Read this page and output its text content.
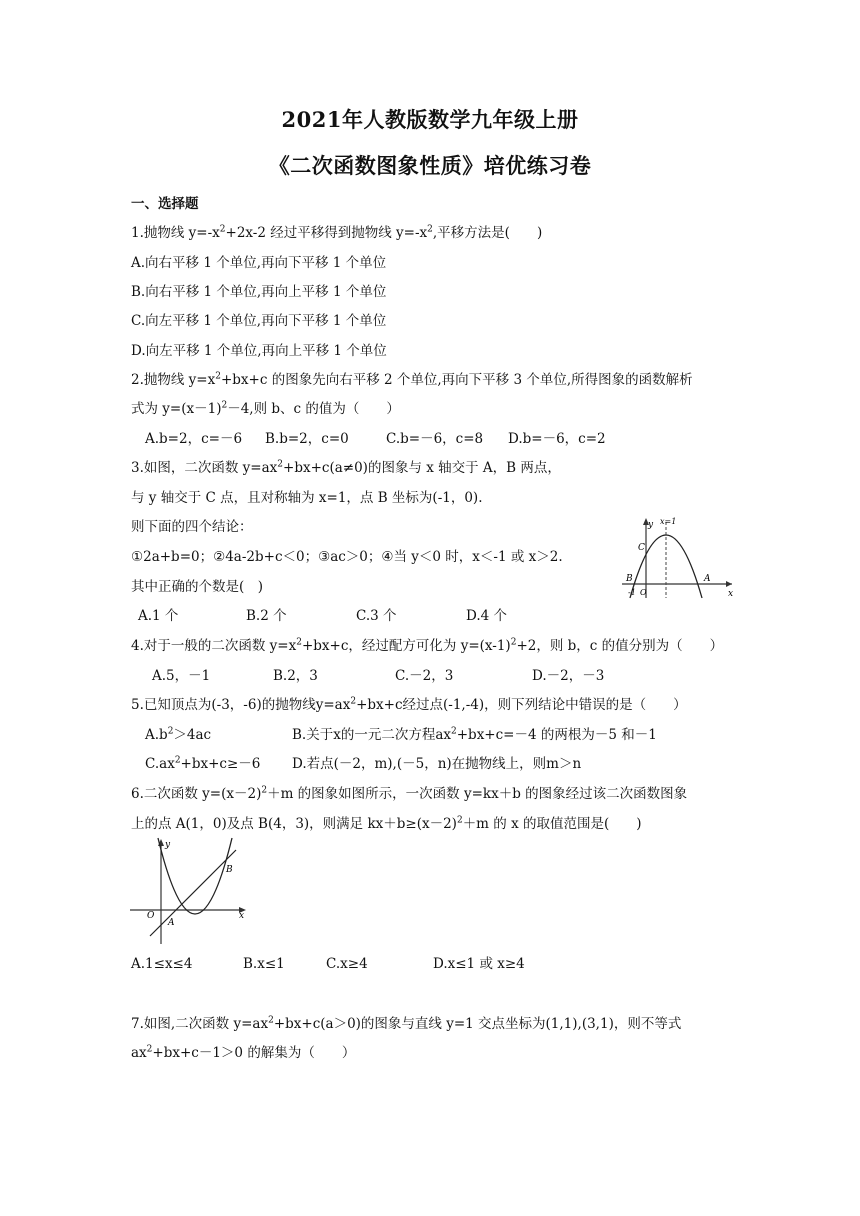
2021年人教版数学九年级上册
《二次函数图象性质》培优练习卷
一、选择题
1.抛物线 $y=-x^2+2x-2$ 经过平移得到抛物线 $y=-x^2$,平移方法是(　　)
A.向右平移 1 个单位,再向下平移 1 个单位
B.向右平移 1 个单位,再向上平移 1 个单位
C.向左平移 1 个单位,再向下平移 1 个单位
D.向左平移 1 个单位,再向上平移 1 个单位
2.抛物线 $y=x^2+bx+c$ 的图象先向右平移 2 个单位,再向下平移 3 个单位,所得图象的函数解析
式为 $y=(x-1)^2-4$,则 b、c 的值为（　　）
A.b=2，c=－6 B.b=2，c=0	C.b=－6，c=8 D.b=－6，c=2
3.如图，二次函数 $y=ax^2+bx+c(a\ne 0)$的图象与 x 轴交于 A，B 两点，
与 y 轴交于 C 点，且对称轴为 x=1，点 B 坐标为(-1，0).
则下面的四个结论：
①2a+b=0；②4a-2b+c＜0；③ac＞0；④当 y＜0 时，x＜-1 或 x＞2.
其中正确的个数是(　)
A.1 个	B.2 个	C.3 个	D.4 个
x
y x=1
C
B	A
-1 O
4.对于一般的二次函数 $y=x^2+bx+c$，经过配方可化为 $y=(x-1)^2+2$，则 b，c 的值分别为（　　）
A.5，－1	B.2，3	C.－2，3	D.－2，－3
5.已知顶点为(-3，-6)的抛物线$y=ax^2+bx+c$经过点(-1,-4)，则下列结论中错误的是（　　）
$A.b^2>4ac$	B.关于x的一元二次方程$ax^2+bx+c=-4$ 的两根为－5 和－1
$C.ax^2+bx+c\ge-6$ D.若点(－2，m),(－5，n)在抛物线上，则m＞n
6.二次函数 $y=(x-2)^2+m$ 的图象如图所示，一次函数 y=kx＋b 的图象经过该二次函数图象
上的点 A(1，0)及点 B(4，3)，则满足 $kx+b\ge(x-2)^2+m$ 的 x 的取值范围是(　　)
x
y
O
A
B
A.1≤x≤4	B.x≤1	C.x≥4	D.x≤1 或 x≥4
7.如图,二次函数 $y=ax^2+bx+c(a>0)$的图象与直线 y=1 交点坐标为(1,1),(3,1)，则不等式
$ax^2+bx+c-1>0$ 的解集为（　　）
